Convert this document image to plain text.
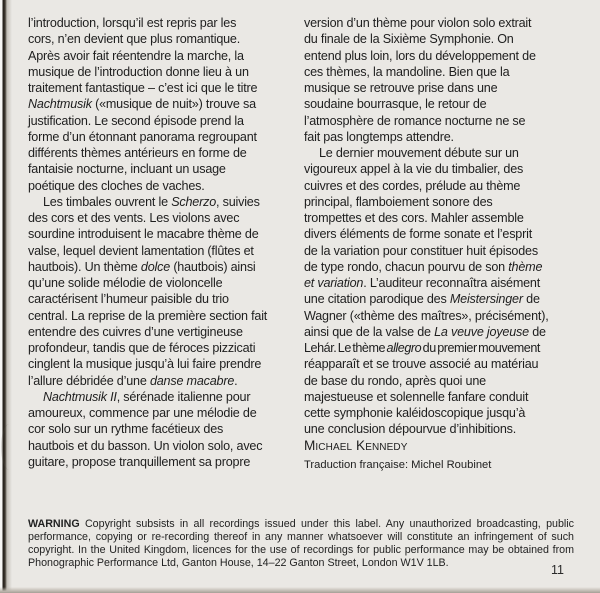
l’introduction, lorsqu’il est repris par les
cors, n’en devient que plus romantique.
Après avoir fait réentendre la marche, la
musique de l’introduction donne lieu à un
traitement fantastique – c’est ici que le titre
Nachtmusik («musique de nuit») trouve sa
justification. Le second épisode prend la
forme d’un étonnant panorama regroupant
différents thèmes antérieurs en forme de
fantaisie nocturne, incluant un usage
poétique des cloches de vaches.
Les timbales ouvrent le Scherzo, suivies
des cors et des vents. Les violons avec
sourdine introduisent le macabre thème de
valse, lequel devient lamentation (flûtes et
hautbois). Un thème dolce (hautbois) ainsi
qu’une solide mélodie de violoncelle
caractérisent l’humeur paisible du trio
central. La reprise de la première section fait
entendre des cuivres d’une vertigineuse
profondeur, tandis que de féroces pizzicati
cinglent la musique jusqu’à lui faire prendre
l’allure débridée d’une danse macabre.
Nachtmusik II, sérénade italienne pour
amoureux, commence par une mélodie de
cor solo sur un rythme facétieux des
hautbois et du basson. Un violon solo, avec
guitare, propose tranquillement sa propre
version d’un thème pour violon solo extrait
du finale de la Sixième Symphonie. On
entend plus loin, lors du développement de
ces thèmes, la mandoline. Bien que la
musique se retrouve prise dans une
soudaine bourrasque, le retour de
l’atmosphère de romance nocturne ne se
fait pas longtemps attendre.
Le dernier mouvement débute sur un
vigoureux appel à la vie du timbalier, des
cuivres et des cordes, prélude au thème
principal, flamboiement sonore des
trompettes et des cors. Mahler assemble
divers éléments de forme sonate et l’esprit
de la variation pour constituer huit épisodes
de type rondo, chacun pourvu de son thème
et variation. L’auditeur reconnaîtra aisément
une citation parodique des Meistersinger de
Wagner («thème des maîtres», précisément),
ainsi que de la valse de La veuve joyeuse de
Lehár. Le thème allegro du premier mouvement
réapparaît et se trouve associé au matériau
de base du rondo, après quoi une
majestueuse et solennelle fanfare conduit
cette symphonie kaléidoscopique jusqu’à
une conclusion dépourvue d’inhibitions.
Michael Kennedy
Traduction française: Michel Roubinet

WARNING Copyright subsists in all recordings issued under this label. Any unauthorized broadcasting, public performance, copying or re-recording thereof in any manner whatsoever will constitute an infringement of such copyright. In the United Kingdom, licences for the use of recordings for public performance may be obtained from Phonographic Performance Ltd, Ganton House, 14–22 Ganton Street, London W1V 1LB.	11
